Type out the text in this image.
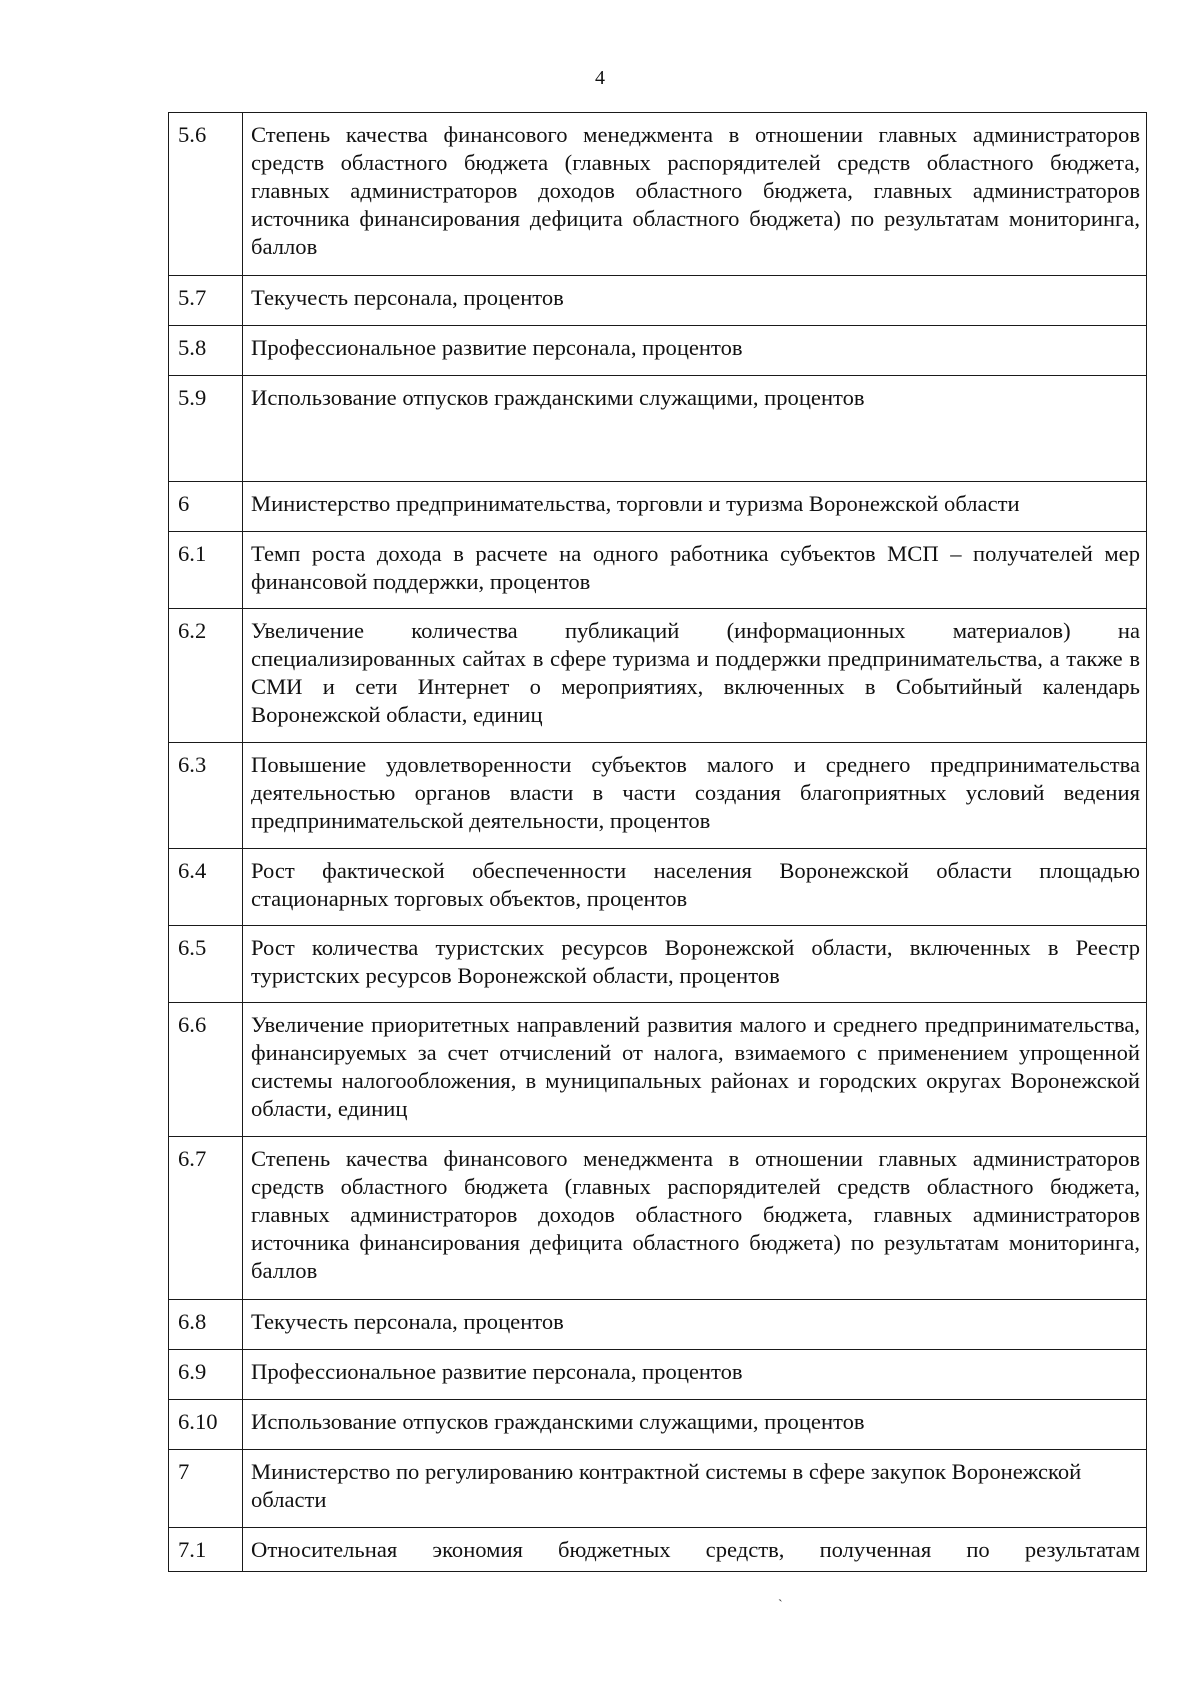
4
5.6	Степень качества финансового менеджмента в отношении главных администраторов средств областного бюджета (главных распорядителей средств областного бюджета, главных администраторов доходов областного бюджета, главных администраторов источника финансирования дефицита областного бюджета) по результатам мониторинга, баллов
5.7	Текучесть персонала, процентов
5.8	Профессиональное развитие персонала, процентов
5.9	Использование отпусков гражданскими служащими, процентов
6	Министерство предпринимательства, торговли и туризма Воронежской области
6.1	Темп роста дохода в расчете на одного работника субъектов МСП – получателей мер финансовой поддержки, процентов
6.2	Увеличение количества публикаций (информационных материалов) на специализированных сайтах в сфере туризма и поддержки предпринимательства, а также в СМИ и сети Интернет о мероприятиях, включенных в Событийный календарь Воронежской области, единиц
6.3	Повышение удовлетворенности субъектов малого и среднего предпринимательства деятельностью органов власти в части создания благоприятных условий ведения предпринимательской деятельности, процентов
6.4	Рост фактической обеспеченности населения Воронежской области площадью стационарных торговых объектов, процентов
6.5	Рост количества туристских ресурсов Воронежской области, включенных в Реестр туристских ресурсов Воронежской области, процентов
6.6	Увеличение приоритетных направлений развития малого и среднего предпринимательства, финансируемых за счет отчислений от налога, взимаемого с применением упрощенной системы налогообложения, в муниципальных районах и городских округах Воронежской области, единиц
6.7	Степень качества финансового менеджмента в отношении главных администраторов средств областного бюджета (главных распорядителей средств областного бюджета, главных администраторов доходов областного бюджета, главных администраторов источника финансирования дефицита областного бюджета) по результатам мониторинга, баллов
6.8	Текучесть персонала, процентов
6.9	Профессиональное развитие персонала, процентов
6.10	Использование отпусков гражданскими служащими, процентов
7	Министерство по регулированию контрактной системы в сфере закупок Воронежской области
7.1	Относительная экономия бюджетных средств, полученная по результатам
`
